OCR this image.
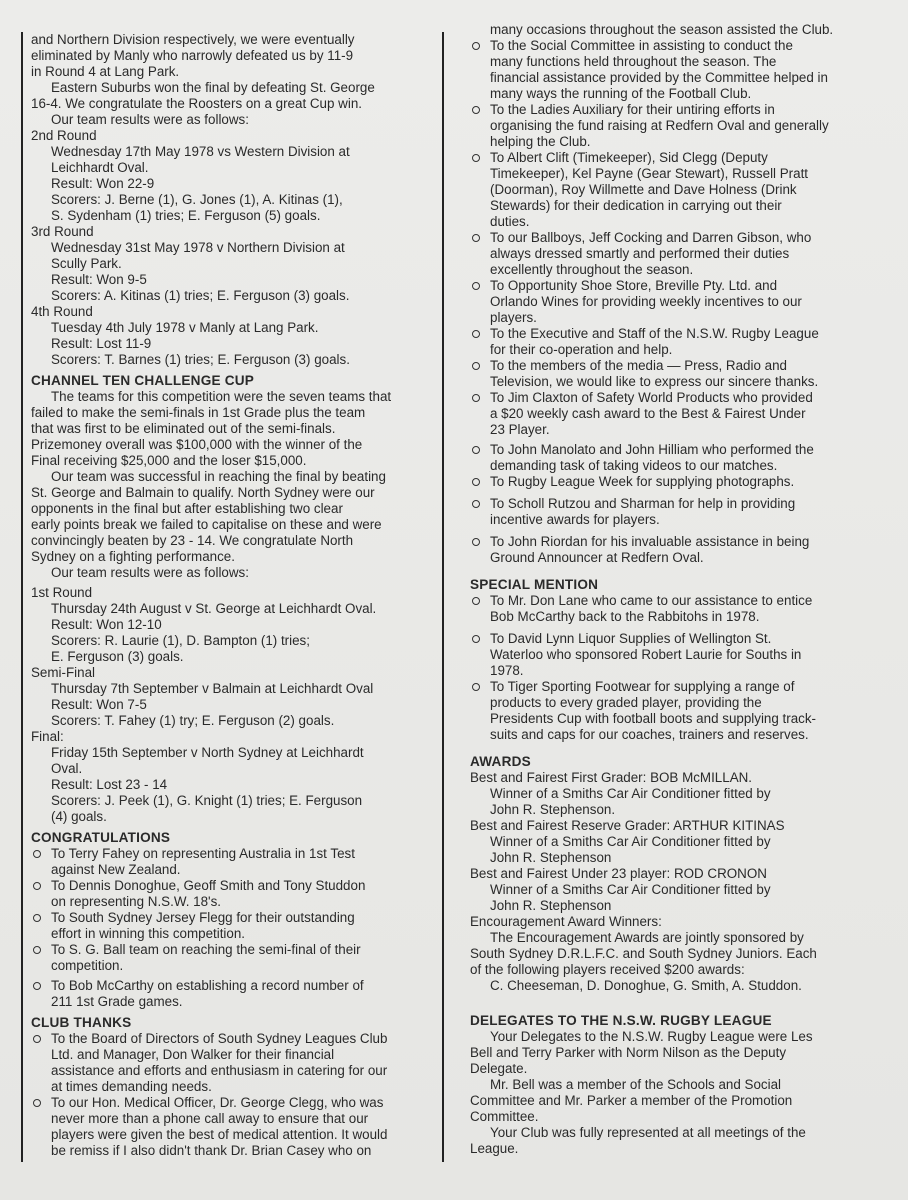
and Northern Division respectively, we were eventually
eliminated by Manly who narrowly defeated us by 11-9
in Round 4 at Lang Park.
Eastern Suburbs won the final by defeating St. George
16-4. We congratulate the Roosters on a great Cup win.
Our team results were as follows:
2nd Round
Wednesday 17th May 1978 vs Western Division at
Leichhardt Oval.
Result: Won 22-9
Scorers: J. Berne (1), G. Jones (1), A. Kitinas (1),
S. Sydenham (1) tries; E. Ferguson (5) goals.
3rd Round
Wednesday 31st May 1978 v Northern Division at
Scully Park.
Result: Won 9-5
Scorers: A. Kitinas (1) tries; E. Ferguson (3) goals.
4th Round
Tuesday 4th July 1978 v Manly at Lang Park.
Result: Lost 11-9
Scorers: T. Barnes (1) tries; E. Ferguson (3) goals.
CHANNEL TEN CHALLENGE CUP
The teams for this competition were the seven teams that
failed to make the semi-finals in 1st Grade plus the team
that was first to be eliminated out of the semi-finals.
Prizemoney overall was $100,000 with the winner of the
Final receiving $25,000 and the loser $15,000.
Our team was successful in reaching the final by beating
St. George and Balmain to qualify. North Sydney were our
opponents in the final but after establishing two clear
early points break we failed to capitalise on these and were
convincingly beaten by 23 - 14. We congratulate North
Sydney on a fighting performance.
Our team results were as follows:
1st Round
Thursday 24th August v St. George at Leichhardt Oval.
Result: Won 12-10
Scorers: R. Laurie (1), D. Bampton (1) tries;
E. Ferguson (3) goals.
Semi-Final
Thursday 7th September v Balmain at Leichhardt Oval
Result: Won 7-5
Scorers: T. Fahey (1) try; E. Ferguson (2) goals.
Final:
Friday 15th September v North Sydney at Leichhardt
Oval.
Result: Lost 23 - 14
Scorers: J. Peek (1), G. Knight (1) tries; E. Ferguson
(4) goals.
CONGRATULATIONS
To Terry Fahey on representing Australia in 1st Test
against New Zealand.
To Dennis Donoghue, Geoff Smith and Tony Studdon
on representing N.S.W. 18's.
To South Sydney Jersey Flegg for their outstanding
effort in winning this competition.
To S. G. Ball team on reaching the semi-final of their
competition.
To Bob McCarthy on establishing a record number of
211 1st Grade games.
CLUB THANKS
To the Board of Directors of South Sydney Leagues Club
Ltd. and Manager, Don Walker for their financial
assistance and efforts and enthusiasm in catering for our
at times demanding needs.
To our Hon. Medical Officer, Dr. George Clegg, who was
never more than a phone call away to ensure that our
players were given the best of medical attention. It would
be remiss if I also didn't thank Dr. Brian Casey who on
many occasions throughout the season assisted the Club.
To the Social Committee in assisting to conduct the
many functions held throughout the season. The
financial assistance provided by the Committee helped in
many ways the running of the Football Club.
To the Ladies Auxiliary for their untiring efforts in
organising the fund raising at Redfern Oval and generally
helping the Club.
To Albert Clift (Timekeeper), Sid Clegg (Deputy
Timekeeper), Kel Payne (Gear Stewart), Russell Pratt
(Doorman), Roy Willmette and Dave Holness (Drink
Stewards) for their dedication in carrying out their
duties.
To our Ballboys, Jeff Cocking and Darren Gibson, who
always dressed smartly and performed their duties
excellently throughout the season.
To Opportunity Shoe Store, Breville Pty. Ltd. and
Orlando Wines for providing weekly incentives to our
players.
To the Executive and Staff of the N.S.W. Rugby League
for their co-operation and help.
To the members of the media — Press, Radio and
Television, we would like to express our sincere thanks.
To Jim Claxton of Safety World Products who provided
a $20 weekly cash award to the Best & Fairest Under
23 Player.
To John Manolato and John Hilliam who performed the
demanding task of taking videos to our matches.
To Rugby League Week for supplying photographs.
To Scholl Rutzou and Sharman for help in providing
incentive awards for players.
To John Riordan for his invaluable assistance in being
Ground Announcer at Redfern Oval.
SPECIAL MENTION
To Mr. Don Lane who came to our assistance to entice
Bob McCarthy back to the Rabbitohs in 1978.
To David Lynn Liquor Supplies of Wellington St.
Waterloo who sponsored Robert Laurie for Souths in
1978.
To Tiger Sporting Footwear for supplying a range of
products to every graded player, providing the
Presidents Cup with football boots and supplying track-
suits and caps for our coaches, trainers and reserves.
AWARDS
Best and Fairest First Grader: BOB McMILLAN.
Winner of a Smiths Car Air Conditioner fitted by
John R. Stephenson.
Best and Fairest Reserve Grader: ARTHUR KITINAS
Winner of a Smiths Car Air Conditioner fitted by
John R. Stephenson
Best and Fairest Under 23 player: ROD CRONON
Winner of a Smiths Car Air Conditioner fitted by
John R. Stephenson
Encouragement Award Winners:
The Encouragement Awards are jointly sponsored by
South Sydney D.R.L.F.C. and South Sydney Juniors. Each
of the following players received $200 awards:
C. Cheeseman, D. Donoghue, G. Smith, A. Studdon.
DELEGATES TO THE N.S.W. RUGBY LEAGUE
Your Delegates to the N.S.W. Rugby League were Les
Bell and Terry Parker with Norm Nilson as the Deputy
Delegate.
Mr. Bell was a member of the Schools and Social
Committee and Mr. Parker a member of the Promotion
Committee.
Your Club was fully represented at all meetings of the
League.
